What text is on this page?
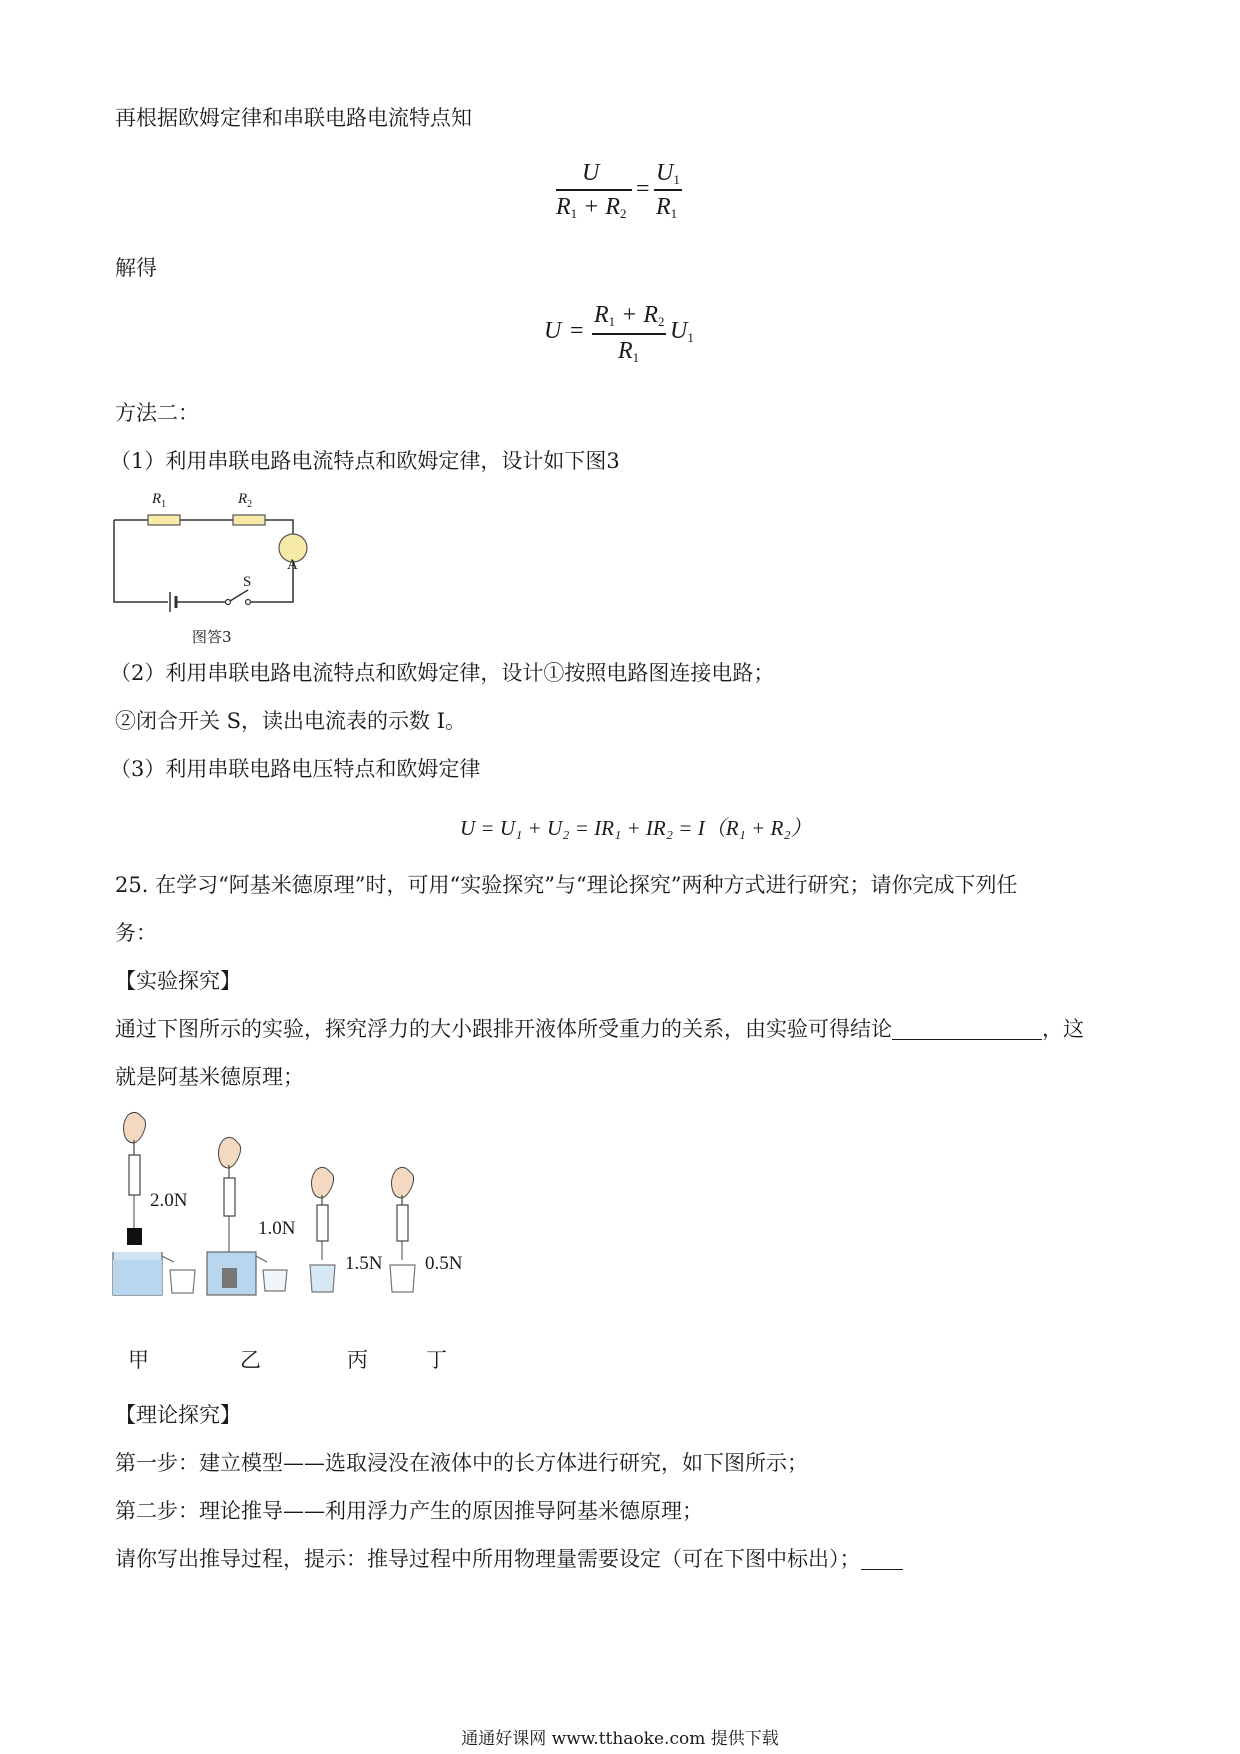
再根据欧姆定律和串联电路电流特点知
U
$R_1 + R_2$
=
$U_1$
$R_1$
解得
U =
$R_1 + R_2$
$R_1$
$U_1$
方法二：
（1）利用串联电路电流特点和欧姆定律，设计如下图3
$R_1$	$R_2$
A
S
图答3
（2）利用串联电路电流特点和欧姆定律，设计①按照电路图连接电路；
②闭合开关 S，读出电流表的示数 I。
（3）利用串联电路电压特点和欧姆定律
U = U₁ + U₂ = IR₁ + IR₂ = I（R₁ + R₂）
25. 在学习“阿基米德原理”时，可用“实验探究”与“理论探究”两种方式进行研究；请你完成下列任
务：
【实验探究】
通过下图所示的实验，探究浮力的大小跟排开液体所受重力的关系，由实验可得结论	，这
就是阿基米德原理；
2.0N
1.0N
1.5N 0.5N
甲	乙	丙	丁
【理论探究】
第一步：建立模型——选取浸没在液体中的长方体进行研究，如下图所示；
第二步：理论推导——利用浮力产生的原因推导阿基米德原理；
请你写出推导过程，提示：推导过程中所用物理量需要设定（可在下图中标出）；
通通好课网 www.tthaoke.com 提供下载
